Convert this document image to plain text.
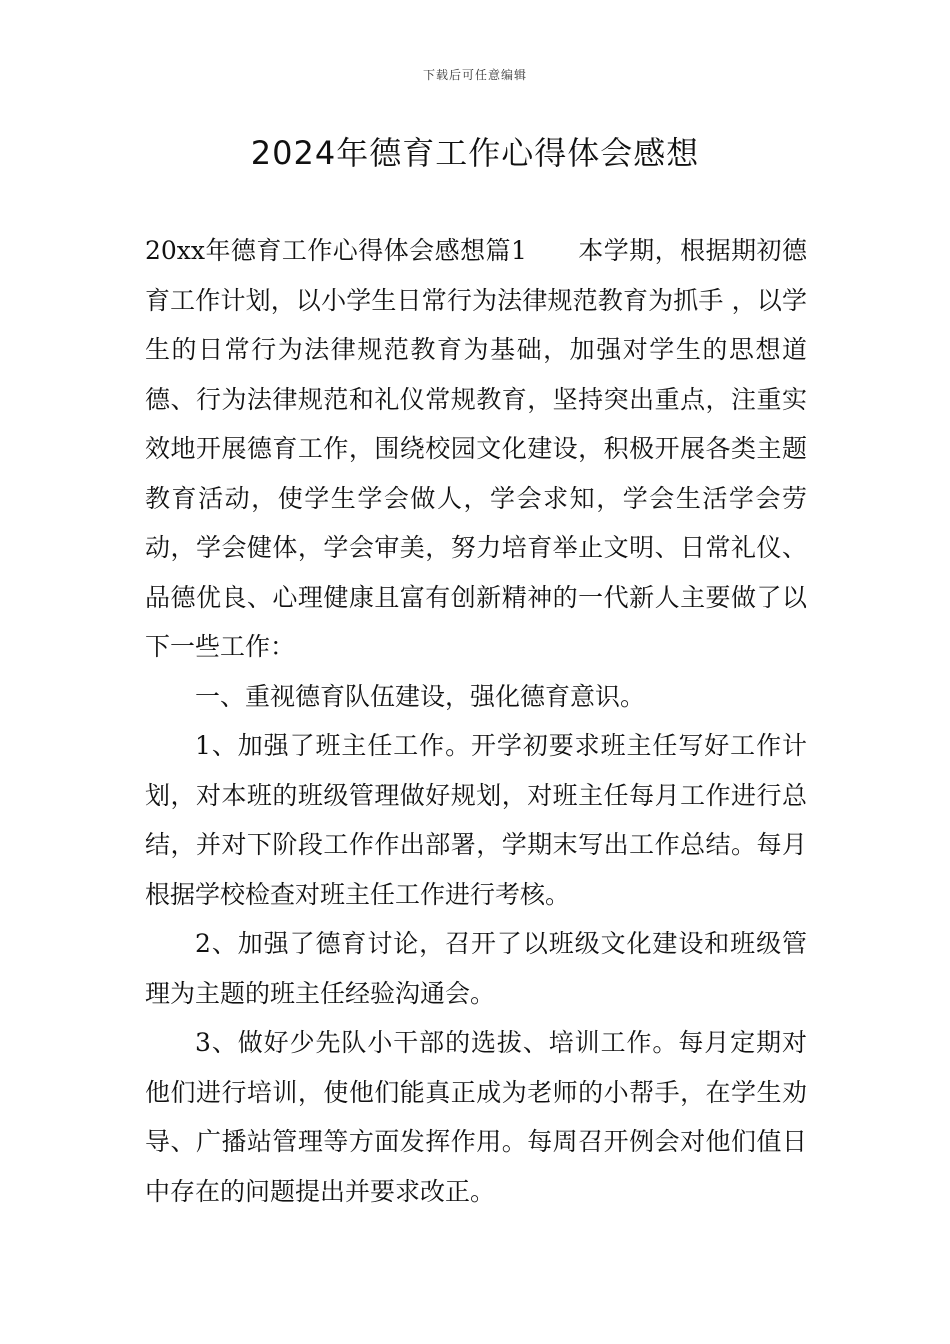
下载后可任意编辑
2024年德育工作心得体会感想

20xx年德育工作心得体会感想篇1　　本学期，根据期初德育工作计划，以小学生日常行为法律规范教育为抓手 ，以学生的日常行为法律规范教育为基础，加强对学生的思想道德、行为法律规范和礼仪常规教育，坚持突出重点，注重实效地开展德育工作，围绕校园文化建设，积极开展各类主题教育活动，使学生学会做人，学会求知，学会生活学会劳动，学会健体，学会审美，努力培育举止文明、日常礼仪、品德优良、心理健康且富有创新精神的一代新人主要做了以下一些工作：

一、重视德育队伍建设，强化德育意识。

1、加强了班主任工作。开学初要求班主任写好工作计划，对本班的班级管理做好规划，对班主任每月工作进行总结，并对下阶段工作作出部署，学期末写出工作总结。每月根据学校检查对班主任工作进行考核。

2、加强了德育讨论，召开了以班级文化建设和班级管理为主题的班主任经验沟通会。

3、做好少先队小干部的选拔、培训工作。每月定期对他们进行培训，使他们能真正成为老师的小帮手，在学生劝导、广播站管理等方面发挥作用。每周召开例会对他们值日中存在的问题提出并要求改正。
